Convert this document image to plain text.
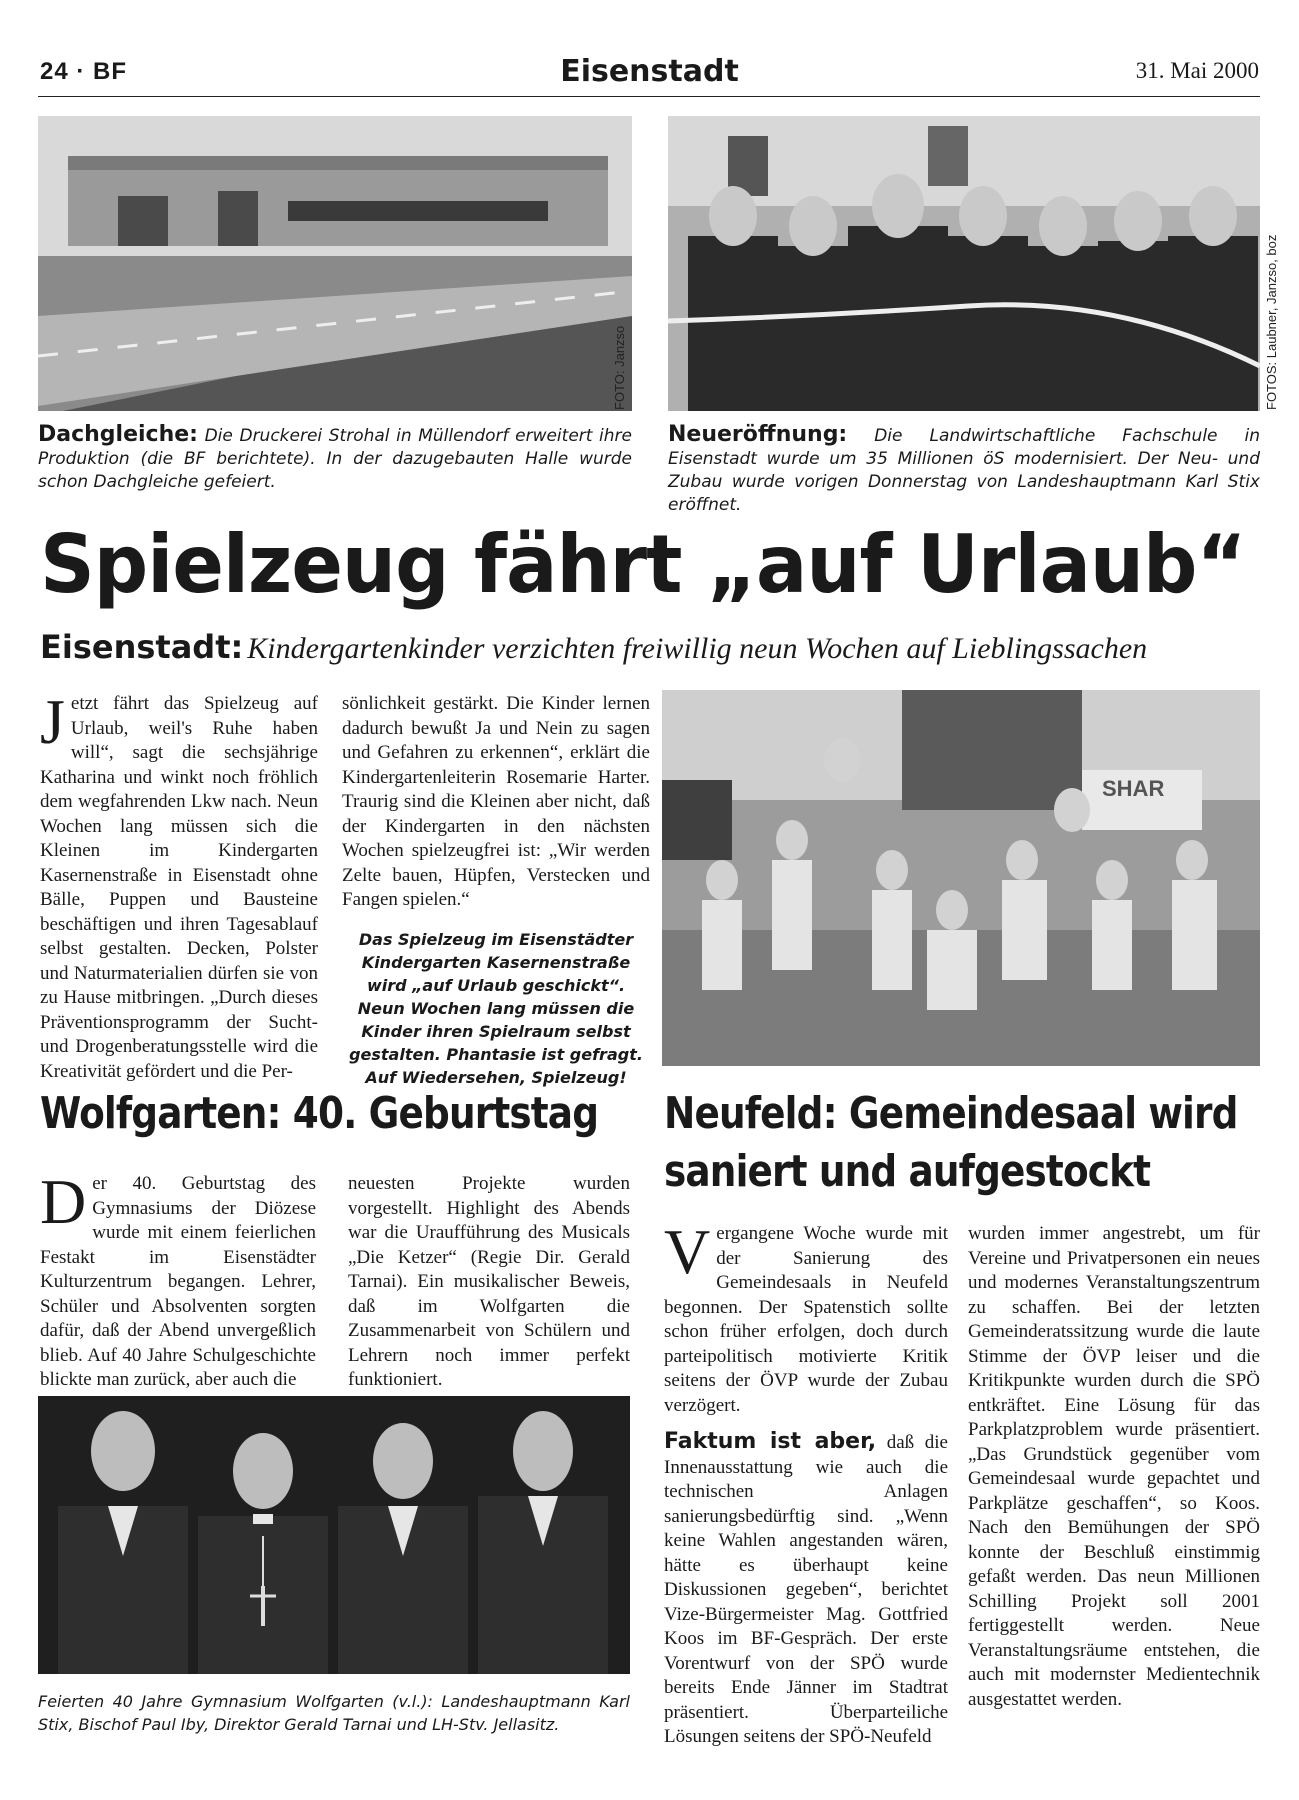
24 · BF	Eisenstadt	31. Mai 2000
FOTO: Janzso	FOTOS: Laubner, Janzso, boz
Dachgleiche: Die Druckerei Strohal in Müllendorf erweitert ihre Produktion (die BF berichtete). In der dazugebauten Halle wurde schon Dachgleiche gefeiert.
Neueröffnung: Die Landwirtschaftliche Fachschule in Eisenstadt wurde um 35 Millionen öS modernisiert. Der Neu- und Zubau wurde vorigen Donnerstag von Landeshauptmann Karl Stix eröffnet.
Spielzeug fährt „auf Urlaub“
Eisenstadt: Kindergartenkinder verzichten freiwillig neun Wochen auf Lieblingssachen
Jetzt fährt das Spielzeug auf Urlaub, weil's Ruhe haben will“, sagt die sechsjährige Katharina und winkt noch fröhlich dem wegfahrenden Lkw nach. Neun Wochen lang müssen sich die Kleinen im Kindergarten Kasernenstraße in Eisenstadt ohne Bälle, Puppen und Bausteine beschäftigen und ihren Tagesablauf selbst gestalten. Decken, Polster und Naturmaterialien dürfen sie von zu Hause mitbringen. „Durch dieses Präventionsprogramm der Sucht- und Drogenberatungsstelle wird die Kreativität gefördert und die Per-
sönlichkeit gestärkt. Die Kinder lernen dadurch bewußt Ja und Nein zu sagen und Gefahren zu erkennen“, erklärt die Kindergartenleiterin Rosemarie Harter. Traurig sind die Kleinen aber nicht, daß der Kindergarten in den nächsten Wochen spielzeugfrei ist: „Wir werden Zelte bauen, Hüpfen, Verstecken und Fangen spielen.“
Das Spielzeug im Eisenstädter Kindergarten Kasernenstraße wird „auf Urlaub geschickt“. Neun Wochen lang müssen die Kinder ihren Spielraum selbst gestalten. Phantasie ist gefragt. Auf Wiedersehen, Spielzeug!
SHAR
Wolfgarten: 40. Geburtstag
Der 40. Geburtstag des Gymnasiums der Diözese wurde mit einem feierlichen Festakt im Eisenstädter Kulturzentrum begangen. Lehrer, Schüler und Absolventen sorgten dafür, daß der Abend unvergeßlich blieb. Auf 40 Jahre Schulgeschichte blickte man zurück, aber auch die
neuesten Projekte wurden vorgestellt. Highlight des Abends war die Uraufführung des Musicals „Die Ketzer“ (Regie Dir. Gerald Tarnai). Ein musikalischer Beweis, daß im Wolfgarten die Zusammenarbeit von Schülern und Lehrern noch immer perfekt funktioniert.
Feierten 40 Jahre Gymnasium Wolfgarten (v.l.): Landeshauptmann Karl Stix, Bischof Paul Iby, Direktor Gerald Tarnai und LH-Stv. Jellasitz.
Neufeld: Gemeindesaal wird
saniert und aufgestockt
Vergangene Woche wurde mit der Sanierung des Gemeindesaals in Neufeld begonnen. Der Spatenstich sollte schon früher erfolgen, doch durch parteipolitisch motivierte Kritik seitens der ÖVP wurde der Zubau verzögert.
Faktum ist aber, daß die Innenausstattung wie auch die technischen Anlagen sanierungsbedürftig sind. „Wenn keine Wahlen angestanden wären, hätte es überhaupt keine Diskussionen gegeben“, berichtet Vize-Bürgermeister Mag. Gottfried Koos im BF-Gespräch. Der erste Vorentwurf von der SPÖ wurde bereits Ende Jänner im Stadtrat präsentiert. Überparteiliche Lösungen seitens der SPÖ-Neufeld
wurden immer angestrebt, um für Vereine und Privatpersonen ein neues und modernes Veranstaltungszentrum zu schaffen. Bei der letzten Gemeinderatssitzung wurde die laute Stimme der ÖVP leiser und die Kritikpunkte wurden durch die SPÖ entkräftet. Eine Lösung für das Parkplatzproblem wurde präsentiert. „Das Grundstück gegenüber vom Gemeindesaal wurde gepachtet und Parkplätze geschaffen“, so Koos. Nach den Bemühungen der SPÖ konnte der Beschluß einstimmig gefaßt werden. Das neun Millionen Schilling Projekt soll 2001 fertiggestellt werden. Neue Veranstaltungsräume entstehen, die auch mit modernster Medientechnik ausgestattet werden.
